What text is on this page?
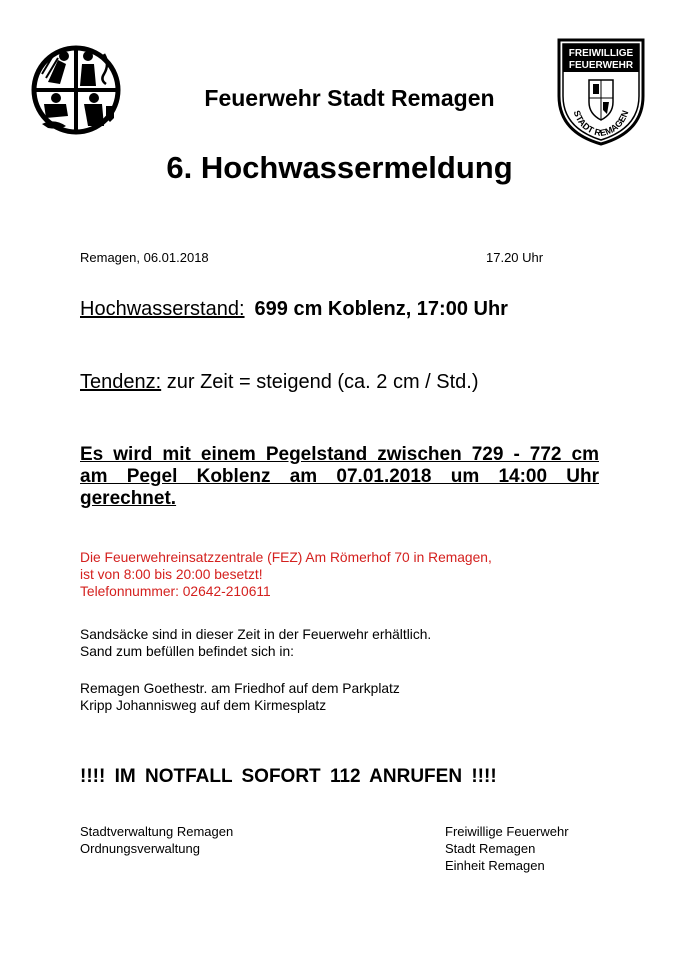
FREIWILLIGE
FEUERWEHR
STADT REMAGEN
Feuerwehr Stadt Remagen
6. Hochwassermeldung
Remagen, 06.01.2018	17.20 Uhr
Hochwasserstand: 699 cm Koblenz, 17:00 Uhr
Tendenz: zur Zeit = steigend (ca. 2 cm / Std.)
Es wird mit einem Pegelstand zwischen 729 - 772 cm
am Pegel Koblenz am 07.01.2018 um 14:00 Uhr
gerechnet.
Die Feuerwehreinsatzzentrale (FEZ) Am Römerhof 70 in Remagen,
ist von 8:00 bis 20:00 besetzt!
Telefonnummer: 02642-210611
Sandsäcke sind in dieser Zeit in der Feuerwehr erhältlich.
Sand zum befüllen befindet sich in:
Remagen Goethestr. am Friedhof auf dem Parkplatz
Kripp Johannisweg auf dem Kirmesplatz
!!!! IM NOTFALL SOFORT 112 ANRUFEN !!!!
Stadtverwaltung Remagen
Ordnungsverwaltung
Freiwillige Feuerwehr
Stadt Remagen
Einheit Remagen
